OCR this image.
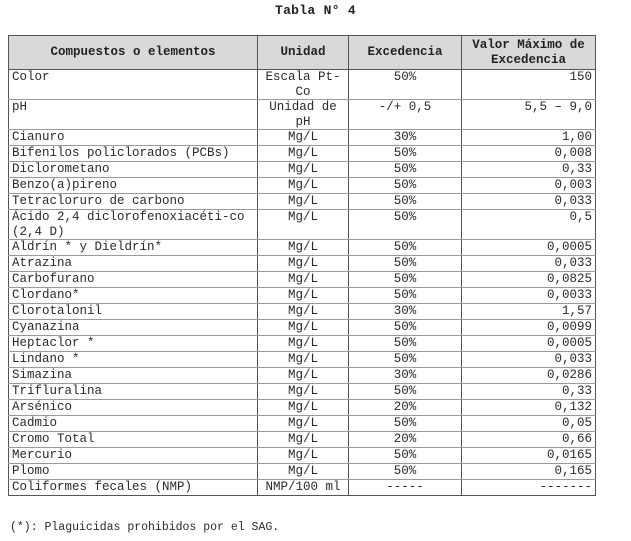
Tabla N° 4
Compuestos o elementos	Unidad	Excedencia	Valor Máximo de Excedencia
Color	Escala Pt-Co	50%	150
pH	Unidad de pH	-/+ 0,5	5,5 – 9,0
Cianuro	Mg/L	30%	1,00
Bifenilos policlorados (PCBs)	Mg/L	50%	0,008
Diclorometano	Mg/L	50%	0,33
Benzo(a)pireno	Mg/L	50%	0,003
Tetracloruro de carbono	Mg/L	50%	0,033
Ácido 2,4 diclorofenoxiacéti-co (2,4 D)	Mg/L	50%	0,5
Aldrín * y Dieldrín*	Mg/L	50%	0,0005
Atrazina	Mg/L	50%	0,033
Carbofurano	Mg/L	50%	0,0825
Clordano*	Mg/L	50%	0,0033
Clorotalonil	Mg/L	30%	1,57
Cyanazina	Mg/L	50%	0,0099
Heptaclor *	Mg/L	50%	0,0005
Lindano *	Mg/L	50%	0,033
Simazina	Mg/L	30%	0,0286
Trifluralina	Mg/L	50%	0,33
Arsénico	Mg/L	20%	0,132
Cadmio	Mg/L	50%	0,05
Cromo Total	Mg/L	20%	0,66
Mercurio	Mg/L	50%	0,0165
Plomo	Mg/L	50%	0,165
Coliformes fecales (NMP)	NMP/100 ml	-----	-------
(*): Plaguicidas prohibidos por el SAG.
